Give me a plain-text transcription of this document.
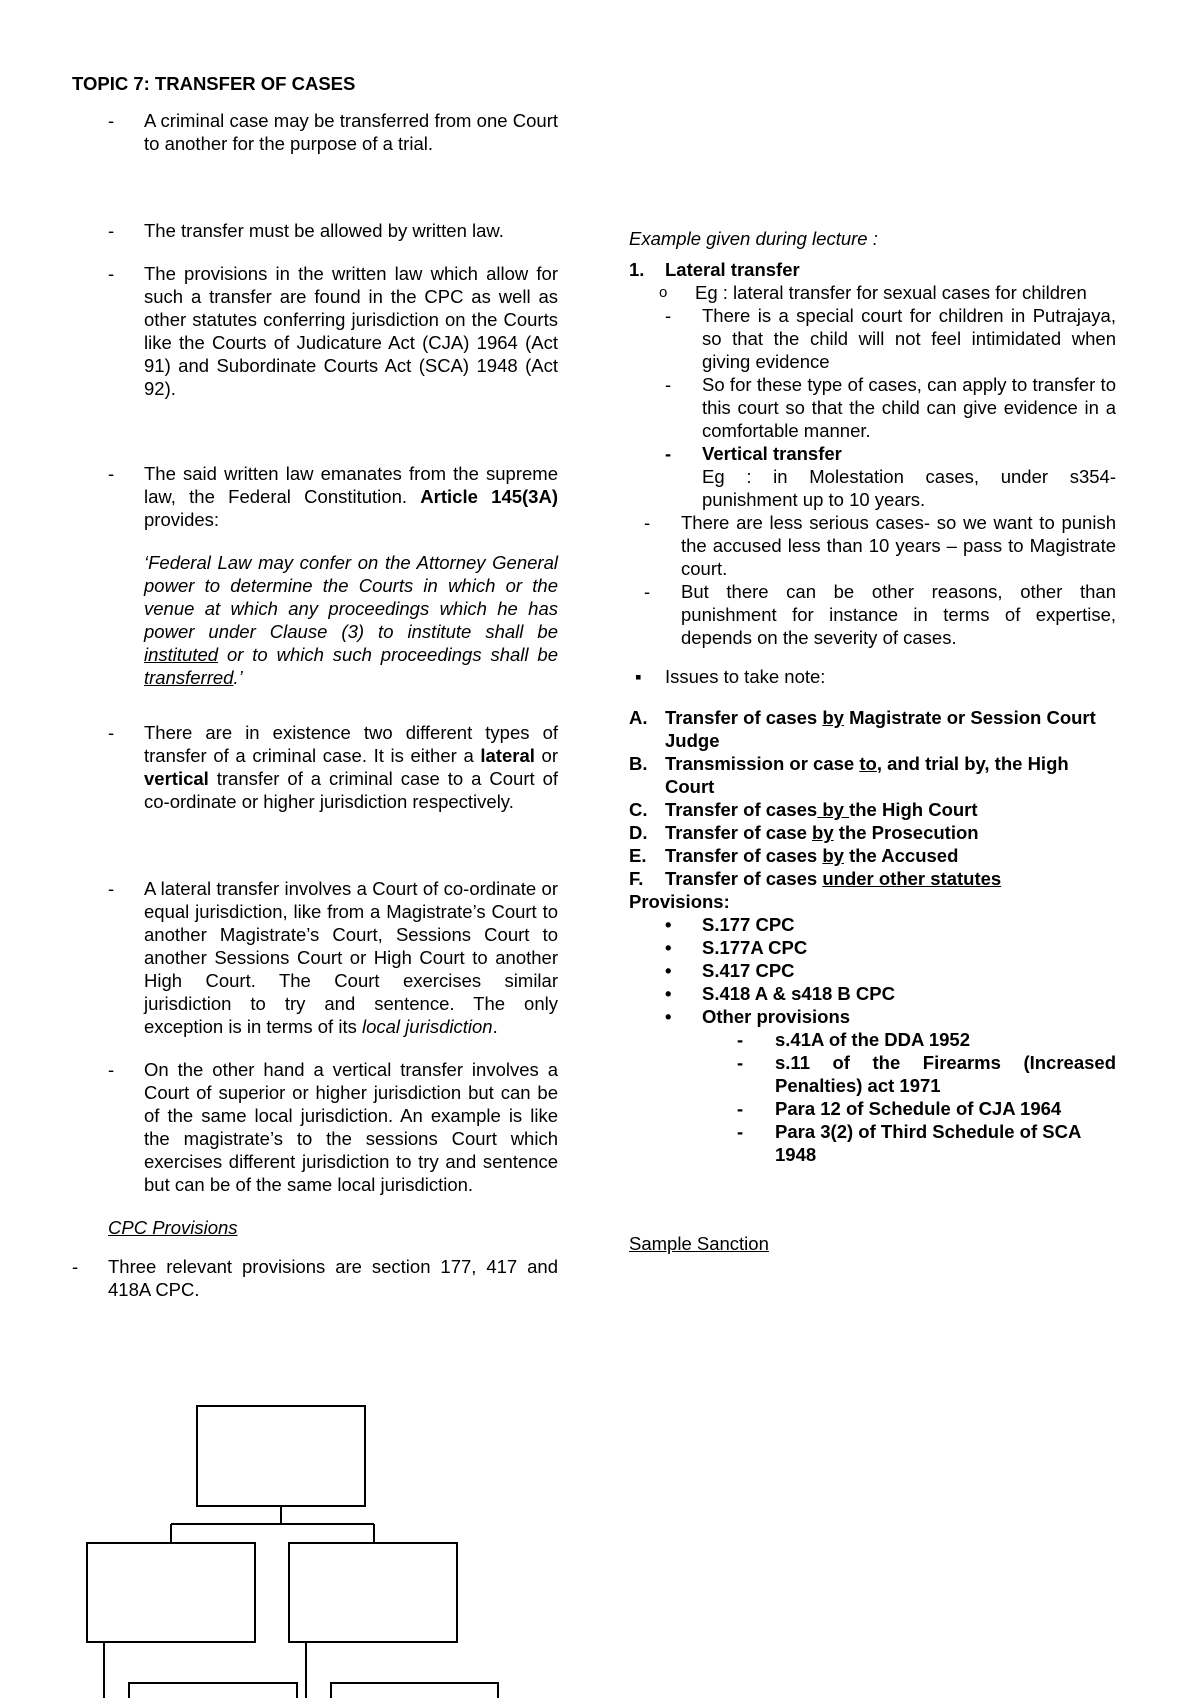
TOPIC 7: TRANSFER OF CASES

- A criminal case may be transferred from one Court to another for the purpose of a trial.
- The transfer must be allowed by written law.
- The provisions in the written law which allow for such a transfer are found in the CPC as well as other statutes conferring jurisdiction on the Courts like the Courts of Judicature Act (CJA) 1964 (Act 91) and Subordinate Courts Act (SCA) 1948 (Act 92).
- The said written law emanates from the supreme law, the Federal Constitution. Article 145(3A) provides:
‘Federal Law may confer on the Attorney General power to determine the Courts in which or the venue at which any proceedings which he has power under Clause (3) to institute shall be instituted or to which such proceedings shall be transferred.’
- There are in existence two different types of transfer of a criminal case. It is either a lateral or vertical transfer of a criminal case to a Court of co-ordinate or higher jurisdiction respectively.
- A lateral transfer involves a Court of co-ordinate or equal jurisdiction, like from a Magistrate’s Court to another Magistrate’s Court, Sessions Court to another Sessions Court or High Court to another High Court. The Court exercises similar jurisdiction to try and sentence. The only exception is in terms of its local jurisdiction.
- On the other hand a vertical transfer involves a Court of superior or higher jurisdiction but can be of the same local jurisdiction. An example is like the magistrate’s to the sessions Court which exercises different jurisdiction to try and sentence but can be of the same local jurisdiction.
CPC Provisions
- Three relevant provisions are section 177, 417 and 418A CPC.
Example given during lecture :
1. Lateral transfer
o Eg : lateral transfer for sexual cases for children
- There is a special court for children in Putrajaya, so that the child will not feel intimidated when giving evidence
- So for these type of cases, can apply to transfer to this court so that the child can give evidence in a comfortable manner.
- Vertical transfer
Eg : in Molestation cases, under s354- punishment up to 10 years.
- There are less serious cases- so we want to punish the accused less than 10 years – pass to Magistrate court.
- But there can be other reasons, other than punishment for instance in terms of expertise, depends on the severity of cases.
▪ Issues to take note:
A. Transfer of cases by Magistrate or Session Court Judge
B. Transmission or case to, and trial by, the High Court
C. Transfer of cases by the High Court
D. Transfer of case by the Prosecution
E. Transfer of cases by the Accused
F. Transfer of cases under other statutes
Provisions:
• S.177 CPC
• S.177A CPC
• S.417 CPC
• S.418 A & s418 B CPC
• Other provisions
- s.41A of the DDA 1952
- s.11 of the Firearms (Increased Penalties) act 1971
- Para 12 of Schedule of CJA 1964
- Para 3(2) of Third Schedule of SCA 1948
Sample Sanction
